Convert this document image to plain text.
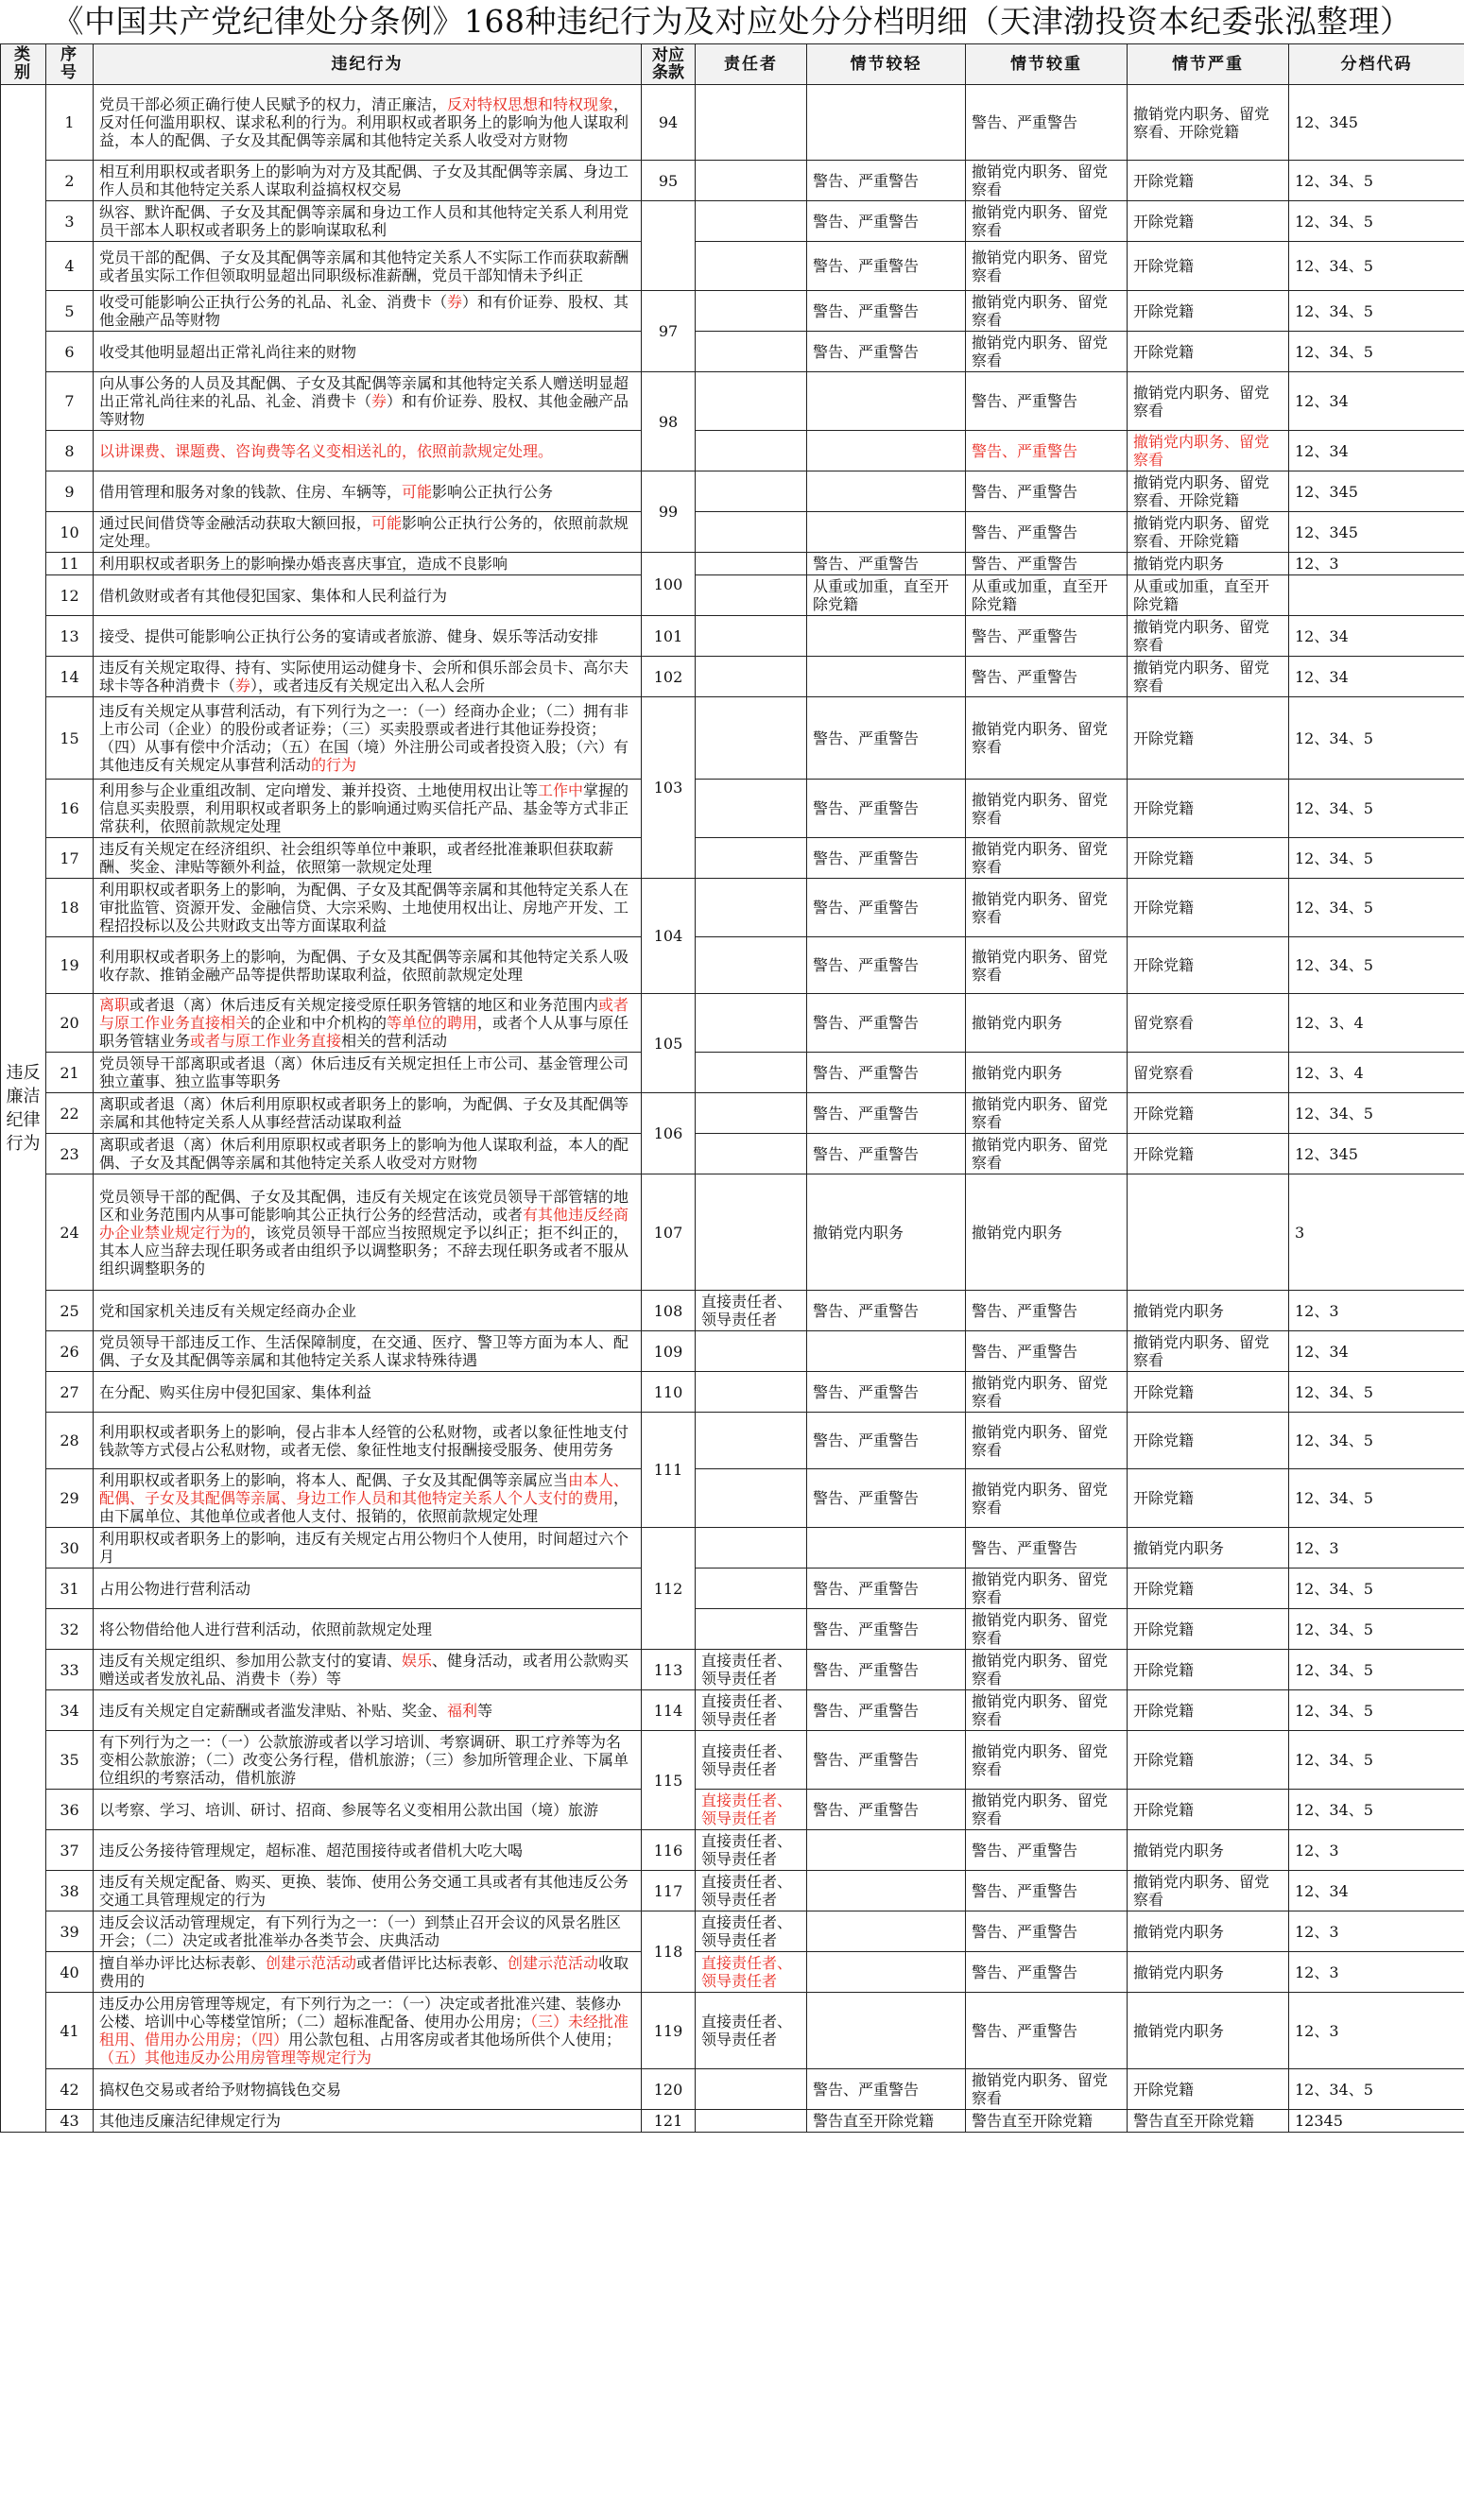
《中国共产党纪律处分条例》168种违纪行为及对应处分分档明细（天津渤投资本纪委张泓整理）
类别	序号	违纪行为	对应条款	责任者	情节较轻	情节较重	情节严重	分档代码

违反廉洁纪律行为	1	党员干部必须正确行使人民赋予的权力，清正廉洁，反对特权思想和特权现象，反对任何滥用职权、谋求私利的行为。利用职权或者职务上的影响为他人谋取利益，本人的配偶、子女及其配偶等亲属和其他特定关系人收受对方财物	94			警告、严重警告	撤销党内职务、留党察看、开除党籍	12、345
	2	相互利用职权或者职务上的影响为对方及其配偶、子女及其配偶等亲属、身边工作人员和其他特定关系人谋取利益搞权权交易	95		警告、严重警告	撤销党内职务、留党察看	开除党籍	12、34、5
	3	纵容、默许配偶、子女及其配偶等亲属和身边工作人员和其他特定关系人利用党员干部本人职权或者职务上的影响谋取私利			警告、严重警告	撤销党内职务、留党察看	开除党籍	12、34、5
	4	党员干部的配偶、子女及其配偶等亲属和其他特定关系人不实际工作而获取薪酬或者虽实际工作但领取明显超出同职级标准薪酬，党员干部知情未予纠正			警告、严重警告	撤销党内职务、留党察看	开除党籍	12、34、5
	5	收受可能影响公正执行公务的礼品、礼金、消费卡（券）和有价证券、股权、其他金融产品等财物	97		警告、严重警告	撤销党内职务、留党察看	开除党籍	12、34、5
	6	收受其他明显超出正常礼尚往来的财物			警告、严重警告	撤销党内职务、留党察看	开除党籍	12、34、5
	7	向从事公务的人员及其配偶、子女及其配偶等亲属和其他特定关系人赠送明显超出正常礼尚往来的礼品、礼金、消费卡（券）和有价证券、股权、其他金融产品等财物	98			警告、严重警告	撤销党内职务、留党察看	12、34
	8	以讲课费、课题费、咨询费等名义变相送礼的，依照前款规定处理。				警告、严重警告	撤销党内职务、留党察看	12、34
	9	借用管理和服务对象的钱款、住房、车辆等，可能影响公正执行公务	99			警告、严重警告	撤销党内职务、留党察看、开除党籍	12、345
	10	通过民间借贷等金融活动获取大额回报，可能影响公正执行公务的，依照前款规定处理。				警告、严重警告	撤销党内职务、留党察看、开除党籍	12、345
	11	利用职权或者职务上的影响操办婚丧喜庆事宜，造成不良影响	100		警告、严重警告	警告、严重警告	撤销党内职务	12、3
	12	借机敛财或者有其他侵犯国家、集体和人民利益行为			从重或加重，直至开除党籍	从重或加重，直至开除党籍	从重或加重，直至开除党籍	
	13	接受、提供可能影响公正执行公务的宴请或者旅游、健身、娱乐等活动安排	101			警告、严重警告	撤销党内职务、留党察看	12、34
	14	违反有关规定取得、持有、实际使用运动健身卡、会所和俱乐部会员卡、高尔夫球卡等各种消费卡（券），或者违反有关规定出入私人会所	102			警告、严重警告	撤销党内职务、留党察看	12、34
	15	违反有关规定从事营利活动，有下列行为之一：（一）经商办企业；（二）拥有非上市公司（企业）的股份或者证券；（三）买卖股票或者进行其他证券投资；（四）从事有偿中介活动；（五）在国（境）外注册公司或者投资入股；（六）有其他违反有关规定从事营利活动的行为	103		警告、严重警告	撤销党内职务、留党察看	开除党籍	12、34、5
	16	利用参与企业重组改制、定向增发、兼并投资、土地使用权出让等工作中掌握的信息买卖股票，利用职权或者职务上的影响通过购买信托产品、基金等方式非正常获利，依照前款规定处理			警告、严重警告	撤销党内职务、留党察看	开除党籍	12、34、5
	17	违反有关规定在经济组织、社会组织等单位中兼职，或者经批准兼职但获取薪酬、奖金、津贴等额外利益，依照第一款规定处理			警告、严重警告	撤销党内职务、留党察看	开除党籍	12、34、5
	18	利用职权或者职务上的影响，为配偶、子女及其配偶等亲属和其他特定关系人在审批监管、资源开发、金融信贷、大宗采购、土地使用权出让、房地产开发、工程招投标以及公共财政支出等方面谋取利益	104		警告、严重警告	撤销党内职务、留党察看	开除党籍	12、34、5
	19	利用职权或者职务上的影响，为配偶、子女及其配偶等亲属和其他特定关系人吸收存款、推销金融产品等提供帮助谋取利益，依照前款规定处理			警告、严重警告	撤销党内职务、留党察看	开除党籍	12、34、5
	20	离职或者退（离）休后违反有关规定接受原任职务管辖的地区和业务范围内或者与原工作业务直接相关的企业和中介机构的等单位的聘用，或者个人从事与原任职务管辖业务或者与原工作业务直接相关的营利活动	105		警告、严重警告	撤销党内职务	留党察看	12、3、4
	21	党员领导干部离职或者退（离）休后违反有关规定担任上市公司、基金管理公司独立董事、独立监事等职务			警告、严重警告	撤销党内职务	留党察看	12、3、4
	22	离职或者退（离）休后利用原职权或者职务上的影响，为配偶、子女及其配偶等亲属和其他特定关系人从事经营活动谋取利益	106		警告、严重警告	撤销党内职务、留党察看	开除党籍	12、34、5
	23	离职或者退（离）休后利用原职权或者职务上的影响为他人谋取利益，本人的配偶、子女及其配偶等亲属和其他特定关系人收受对方财物			警告、严重警告	撤销党内职务、留党察看	开除党籍	12、345
	24	党员领导干部的配偶、子女及其配偶，违反有关规定在该党员领导干部管辖的地区和业务范围内从事可能影响其公正执行公务的经营活动，或者有其他违反经商办企业禁业规定行为的，该党员领导干部应当按照规定予以纠正；拒不纠正的，其本人应当辞去现任职务或者由组织予以调整职务；不辞去现任职务或者不服从组织调整职务的	107		撤销党内职务	撤销党内职务		3
	25	党和国家机关违反有关规定经商办企业	108	直接责任者、领导责任者	警告、严重警告	警告、严重警告	撤销党内职务	12、3
	26	党员领导干部违反工作、生活保障制度，在交通、医疗、警卫等方面为本人、配偶、子女及其配偶等亲属和其他特定关系人谋求特殊待遇	109			警告、严重警告	撤销党内职务、留党察看	12、34
	27	在分配、购买住房中侵犯国家、集体利益	110		警告、严重警告	撤销党内职务、留党察看	开除党籍	12、34、5
	28	利用职权或者职务上的影响，侵占非本人经管的公私财物，或者以象征性地支付钱款等方式侵占公私财物，或者无偿、象征性地支付报酬接受服务、使用劳务	111		警告、严重警告	撤销党内职务、留党察看	开除党籍	12、34、5
	29	利用职权或者职务上的影响，将本人、配偶、子女及其配偶等亲属应当由本人、配偶、子女及其配偶等亲属、身边工作人员和其他特定关系人个人支付的费用，由下属单位、其他单位或者他人支付、报销的，依照前款规定处理			警告、严重警告	撤销党内职务、留党察看	开除党籍	12、34、5
	30	利用职权或者职务上的影响，违反有关规定占用公物归个人使用，时间超过六个月	112			警告、严重警告	撤销党内职务	12、3
	31	占用公物进行营利活动			警告、严重警告	撤销党内职务、留党察看	开除党籍	12、34、5
	32	将公物借给他人进行营利活动，依照前款规定处理			警告、严重警告	撤销党内职务、留党察看	开除党籍	12、34、5
	33	违反有关规定组织、参加用公款支付的宴请、娱乐、健身活动，或者用公款购买赠送或者发放礼品、消费卡（券）等	113	直接责任者、领导责任者	警告、严重警告	撤销党内职务、留党察看	开除党籍	12、34、5
	34	违反有关规定自定薪酬或者滥发津贴、补贴、奖金、福利等	114	直接责任者、领导责任者	警告、严重警告	撤销党内职务、留党察看	开除党籍	12、34、5
	35	有下列行为之一：（一）公款旅游或者以学习培训、考察调研、职工疗养等为名变相公款旅游；（二）改变公务行程，借机旅游；（三）参加所管理企业、下属单位组织的考察活动，借机旅游	115	直接责任者、领导责任者	警告、严重警告	撤销党内职务、留党察看	开除党籍	12、34、5
	36	以考察、学习、培训、研讨、招商、参展等名义变相用公款出国（境）旅游		直接责任者、领导责任者	警告、严重警告	撤销党内职务、留党察看	开除党籍	12、34、5
	37	违反公务接待管理规定，超标准、超范围接待或者借机大吃大喝	116	直接责任者、领导责任者		警告、严重警告	撤销党内职务	12、3
	38	违反有关规定配备、购买、更换、装饰、使用公务交通工具或者有其他违反公务交通工具管理规定的行为	117	直接责任者、领导责任者		警告、严重警告	撤销党内职务、留党察看	12、34
	39	违反会议活动管理规定，有下列行为之一：（一）到禁止召开会议的风景名胜区开会；（二）决定或者批准举办各类节会、庆典活动	118	直接责任者、领导责任者		警告、严重警告	撤销党内职务	12、3
	40	擅自举办评比达标表彰、创建示范活动或者借评比达标表彰、创建示范活动收取费用的		直接责任者、领导责任者		警告、严重警告	撤销党内职务	12、3
	41	违反办公用房管理等规定，有下列行为之一：（一）决定或者批准兴建、装修办公楼、培训中心等楼堂馆所；（二）超标准配备、使用办公用房；（三）未经批准租用、借用办公用房；（四）用公款包租、占用客房或者其他场所供个人使用；（五）其他违反办公用房管理等规定行为	119	直接责任者、领导责任者		警告、严重警告	撤销党内职务	12、3
	42	搞权色交易或者给予财物搞钱色交易	120		警告、严重警告	撤销党内职务、留党察看	开除党籍	12、34、5
	43	其他违反廉洁纪律规定行为	121		警告直至开除党籍	警告直至开除党籍	警告直至开除党籍	12345
